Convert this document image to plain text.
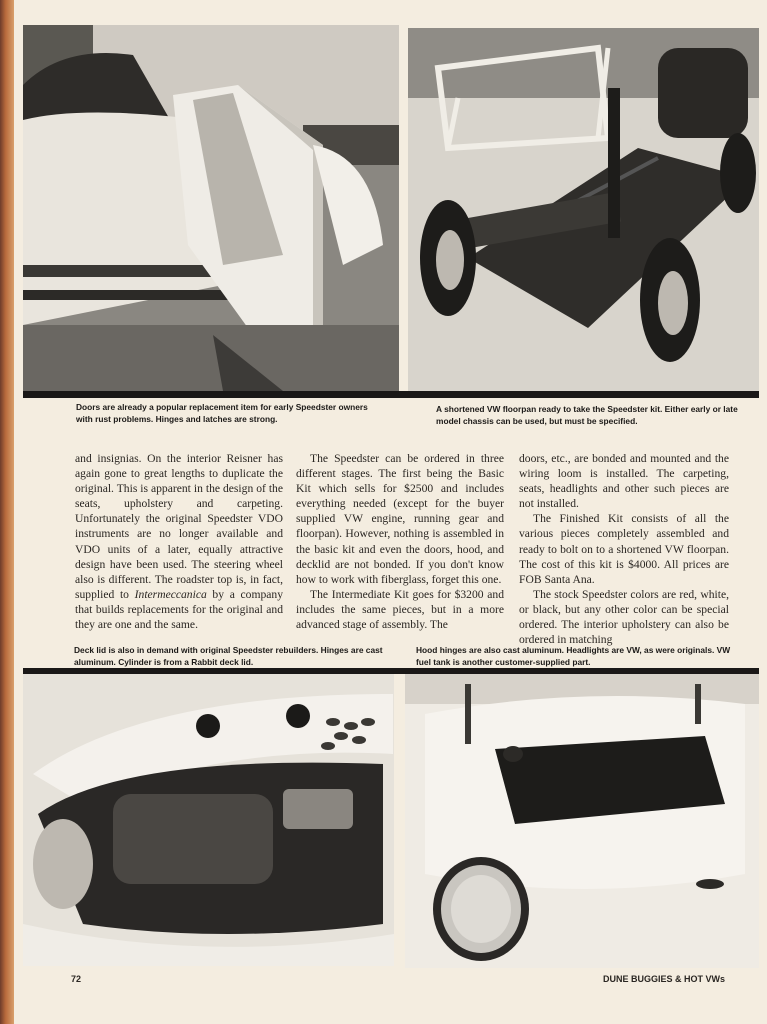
Doors are already a popular replacement item for early Speedster owners with rust problems. Hinges and latches are strong.
A shortened VW floorpan ready to take the Speedster kit. Either early or late model chassis can be used, but must be specified.

and insignias. On the interior Reisner has again gone to great lengths to duplicate the original. This is apparent in the design of the seats, upholstery and carpeting. Unfortunately the original Speedster VDO instruments are no longer available and VDO units of a later, equally attractive design have been used. The steering wheel also is different. The roadster top is, in fact, supplied to Intermeccanica by a company that builds replacements for the original and they are one and the same.

The Speedster can be ordered in three different stages. The first being the Basic Kit which sells for $2500 and includes everything needed (except for the buyer supplied VW engine, running gear and floorpan). However, nothing is assembled in the basic kit and even the doors, hood, and decklid are not bonded. If you don't know how to work with fiberglass, forget this one.

The Intermediate Kit goes for $3200 and includes the same pieces, but in a more advanced stage of assembly. The

doors, etc., are bonded and mounted and the wiring loom is installed. The carpeting, seats, headlights and other such pieces are not installed.

The Finished Kit consists of all the various pieces completely assembled and ready to bolt on to a shortened VW floorpan. The cost of this kit is $4000. All prices are FOB Santa Ana.

The stock Speedster colors are red, white, or black, but any other color can be special ordered. The interior upholstery can also be ordered in matching

Deck lid is also in demand with original Speedster rebuilders. Hinges are cast aluminum. Cylinder is from a Rabbit deck lid.
Hood hinges are also cast aluminum. Headlights are VW, as were originals. VW fuel tank is another customer-supplied part.
72	DUNE BUGGIES & HOT VWs
